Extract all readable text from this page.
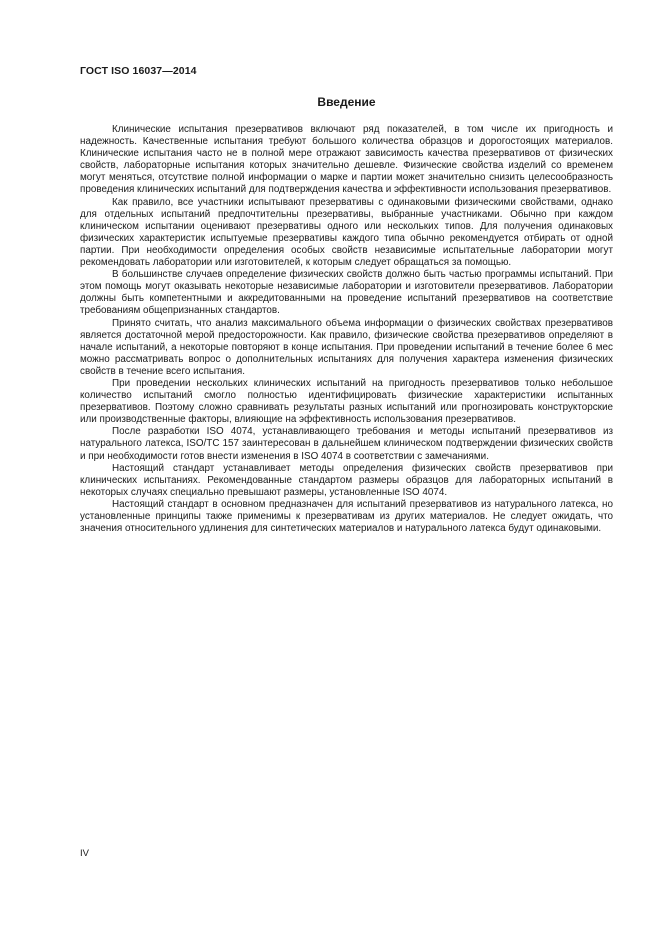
ГОСТ ISO 16037—2014
Введение

Клинические испытания презервативов включают ряд показателей, в том числе их пригодность и надежность. Качественные испытания требуют большого количества образцов и дорогостоящих материалов. Клинические испытания часто не в полной мере отражают зависимость качества презервативов от физических свойств, лабораторные испытания которых значительно дешевле. Физические свойства изделий со временем могут меняться, отсутствие полной информации о марке и партии может значительно снизить целесообразность проведения клинических испытаний для подтверждения качества и эффективности использования презервативов.

Как правило, все участники испытывают презервативы с одинаковыми физическими свойствами, однако для отдельных испытаний предпочтительны презервативы, выбранные участниками. Обычно при каждом клиническом испытании оценивают презервативы одного или нескольких типов. Для получения одинаковых физических характеристик испытуемые презервативы каждого типа обычно рекомендуется отбирать от одной партии. При необходимости определения особых свойств независимые испытательные лаборатории могут рекомендовать лаборатории или изготовителей, к которым следует обращаться за помощью.

В большинстве случаев определение физических свойств должно быть частью программы испытаний. При этом помощь могут оказывать некоторые независимые лаборатории и изготовители презервативов. Лаборатории должны быть компетентными и аккредитованными на проведение испытаний презервативов на соответствие требованиям общепризнанных стандартов.

Принято считать, что анализ максимального объема информации о физических свойствах презервативов является достаточной мерой предосторожности. Как правило, физические свойства презервативов определяют в начале испытаний, а некоторые повторяют в конце испытания. При проведении испытаний в течение более 6 мес можно рассматривать вопрос о дополнительных испытаниях для получения характера изменения физических свойств в течение всего испытания.

При проведении нескольких клинических испытаний на пригодность презервативов только небольшое количество испытаний смогло полностью идентифицировать физические характеристики испытанных презервативов. Поэтому сложно сравнивать результаты разных испытаний или прогнозировать конструкторские или производственные факторы, влияющие на эффективность использования презервативов.

После разработки ISO 4074, устанавливающего требования и методы испытаний презервативов из натурального латекса, ISO/TC 157 заинтересован в дальнейшем клиническом подтверждении физических свойств и при необходимости готов внести изменения в ISO 4074 в соответствии с замечаниями.

Настоящий стандарт устанавливает методы определения физических свойств презервативов при клинических испытаниях. Рекомендованные стандартом размеры образцов для лабораторных испытаний в некоторых случаях специально превышают размеры, установленные ISO 4074.

Настоящий стандарт в основном предназначен для испытаний презервативов из натурального латекса, но установленные принципы также применимы к презервативам из других материалов. Не следует ожидать, что значения относительного удлинения для синтетических материалов и натурального латекса будут одинаковыми.

IV
